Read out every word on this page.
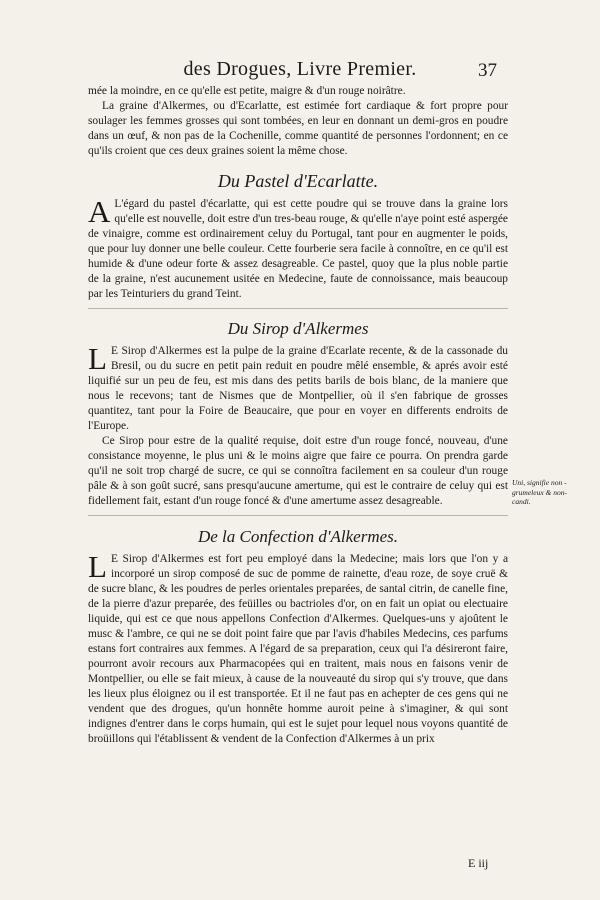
des Drogues, Livre Premier.	37

mée la moindre, en ce qu'elle est petite, maigre & d'un rouge noirâtre.

La graine d'Alkermes, ou d'Ecarlatte, est estimée fort cardiaque & fort propre pour soulager les femmes grosses qui sont tombées, en leur en donnant un demi-gros en poudre dans un œuf, & non pas de la Cochenille, comme quantité de personnes l'ordonnent; en ce qu'ils croient que ces deux graines soient la même chose.

Du Pastel d'Ecarlatte.

A L'égard du pastel d'écarlatte, qui est cette poudre qui se trouve dans la graine lors qu'elle est nouvelle, doit estre d'un tres-beau rouge, & qu'elle n'aye point esté aspergée de vinaigre, comme est ordinairement celuy du Portugal, tant pour en augmenter le poids, que pour luy donner une belle couleur. Cette fourberie sera facile à connoître, en ce qu'il est humide & d'une odeur forte & assez desagreable. Ce pastel, quoy que la plus noble partie de la graine, n'est aucunement usitée en Medecine, faute de connoissance, mais beaucoup par les Teinturiers du grand Teint.

Du Sirop d'Alkermes

L E Sirop d'Alkermes est la pulpe de la graine d'Ecarlate recente, & de la cassonade du Bresil, ou du sucre en petit pain reduit en poudre mêlé ensemble, & aprés avoir esté liquifié sur un peu de feu, est mis dans des petits barils de bois blanc, de la maniere que nous le recevons; tant de Nismes que de Montpellier, où il s'en fabrique de grosses quantitez, tant pour la Foire de Beaucaire, que pour en voyer en differents endroits de l'Europe.

Ce Sirop pour estre de la qualité requise, doit estre d'un rouge foncé, nouveau, d'une consistance moyenne, le plus uni & le moins aigre que faire ce pourra. On prendra garde qu'il ne soit trop chargé de sucre, ce qui se connoîtra facilement en sa couleur d'un rouge pâle & à son goût sucré, sans presqu'aucune amertume, qui est le contraire de celuy qui est fidellement fait, estant d'un rouge foncé & d'une amertume assez desagreable.

De la Confection d'Alkermes.

L E Sirop d'Alkermes est fort peu employé dans la Medecine; mais lors que l'on y a incorporé un sirop composé de suc de pomme de rainette, d'eau roze, de soye cruë & de sucre blanc, & les poudres de perles orientales preparées, de santal citrin, de canelle fine, de la pierre d'azur preparée, des feüilles ou bactrioles d'or, on en fait un opiat ou electuaire liquide, qui est ce que nous appellons Confection d'Alkermes. Quelques-uns y ajoûtent le musc & l'ambre, ce qui ne se doit point faire que par l'avis d'habiles Medecins, ces parfums estans fort contraires aux femmes. A l'égard de sa preparation, ceux qui l'a désireront faire, pourront avoir recours aux Pharmacopées qui en traitent, mais nous en faisons venir de Montpellier, ou elle se fait mieux, à cause de la nouveauté du sirop qui s'y trouve, que dans les lieux plus éloignez ou il est transportée. Et il ne faut pas en achepter de ces gens qui ne vendent que des drogues, qu'un honnête homme auroit peine à s'imaginer, & qui sont indignes d'entrer dans le corps humain, qui est le sujet pour lequel nous voyons quantité de broüillons qui l'établissent & vendent de la Confection d'Alkermes à un prix

Uni, signifie non - grumeleux & non-candi.
E iij
